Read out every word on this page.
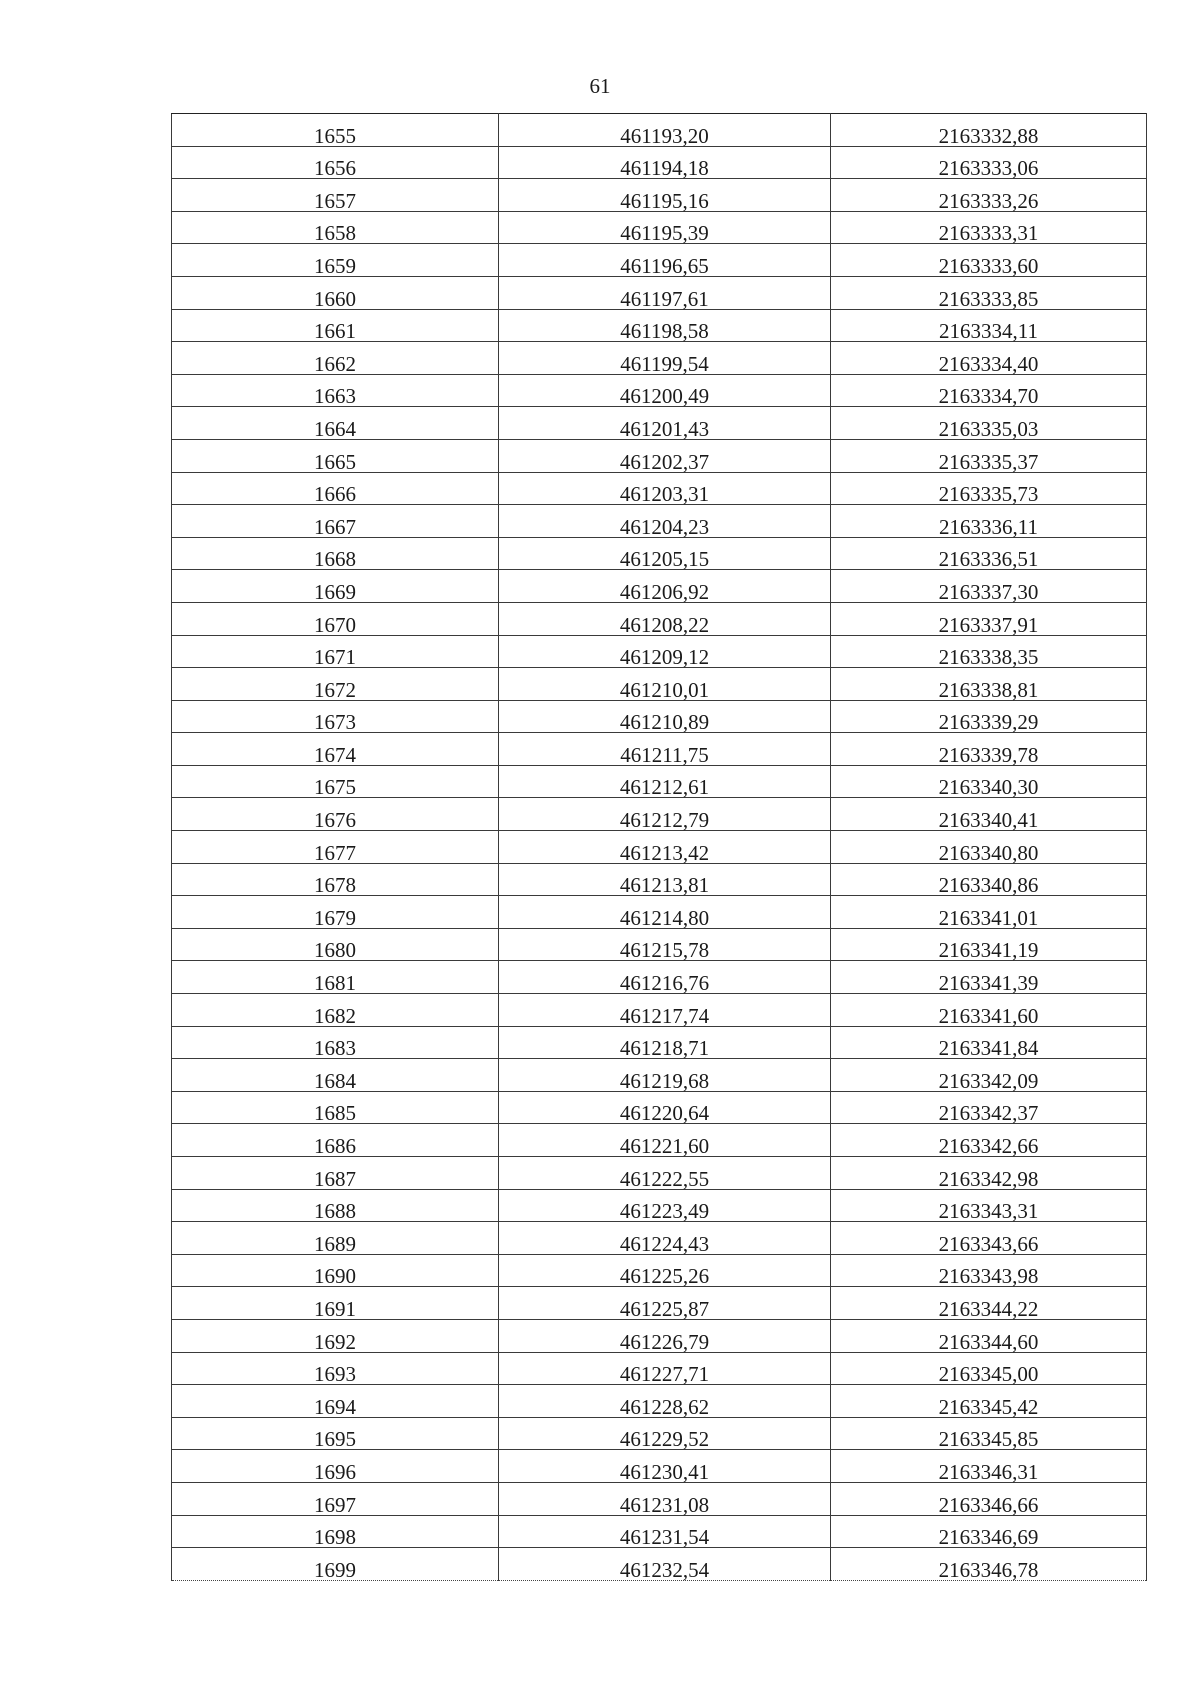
61
1655	461193,20	2163332,88
1656	461194,18	2163333,06
1657	461195,16	2163333,26
1658	461195,39	2163333,31
1659	461196,65	2163333,60
1660	461197,61	2163333,85
1661	461198,58	2163334,11
1662	461199,54	2163334,40
1663	461200,49	2163334,70
1664	461201,43	2163335,03
1665	461202,37	2163335,37
1666	461203,31	2163335,73
1667	461204,23	2163336,11
1668	461205,15	2163336,51
1669	461206,92	2163337,30
1670	461208,22	2163337,91
1671	461209,12	2163338,35
1672	461210,01	2163338,81
1673	461210,89	2163339,29
1674	461211,75	2163339,78
1675	461212,61	2163340,30
1676	461212,79	2163340,41
1677	461213,42	2163340,80
1678	461213,81	2163340,86
1679	461214,80	2163341,01
1680	461215,78	2163341,19
1681	461216,76	2163341,39
1682	461217,74	2163341,60
1683	461218,71	2163341,84
1684	461219,68	2163342,09
1685	461220,64	2163342,37
1686	461221,60	2163342,66
1687	461222,55	2163342,98
1688	461223,49	2163343,31
1689	461224,43	2163343,66
1690	461225,26	2163343,98
1691	461225,87	2163344,22
1692	461226,79	2163344,60
1693	461227,71	2163345,00
1694	461228,62	2163345,42
1695	461229,52	2163345,85
1696	461230,41	2163346,31
1697	461231,08	2163346,66
1698	461231,54	2163346,69
1699	461232,54	2163346,78
